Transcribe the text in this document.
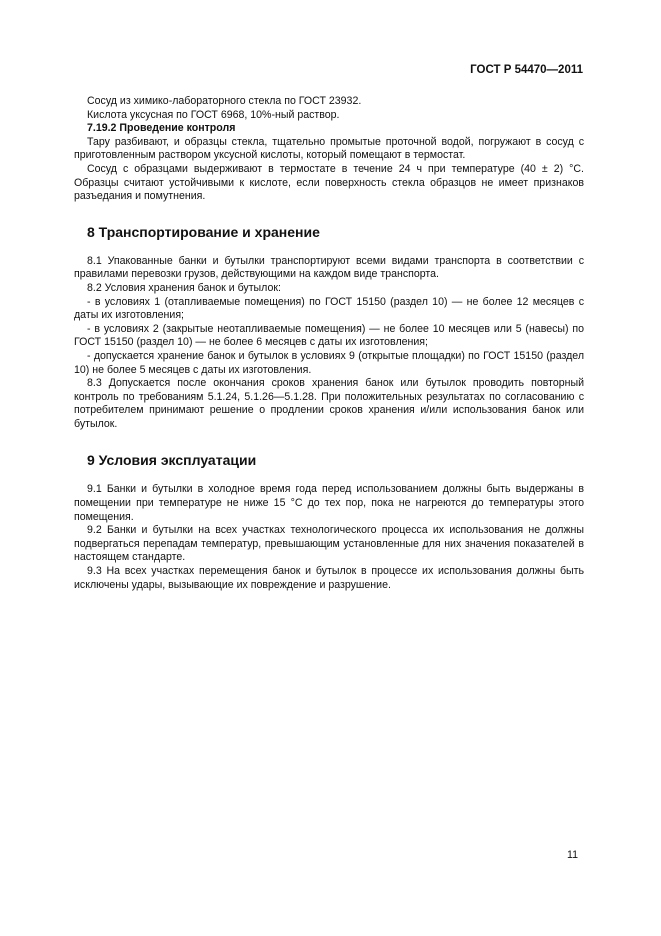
ГОСТ Р 54470—2011

Сосуд из химико-лабораторного стекла по ГОСТ 23932.

Кислота уксусная по ГОСТ 6968, 10%-ный раствор.

7.19.2 Проведение контроля

Тару разбивают, и образцы стекла, тщательно промытые проточной водой, погружают в сосуд с приготовленным раствором уксусной кислоты, который помещают в термостат.

Сосуд с образцами выдерживают в термостате в течение 24 ч при температуре (40 ± 2) °С. Образцы считают устойчивыми к кислоте, если поверхность стекла образцов не имеет признаков разъедания и помутнения.

8 Транспортирование и хранение

8.1 Упакованные банки и бутылки транспортируют всеми видами транспорта в соответствии с правилами перевозки грузов, действующими на каждом виде транспорта.

8.2 Условия хранения банок и бутылок:

- в условиях 1 (отапливаемые помещения) по ГОСТ 15150 (раздел 10) — не более 12 месяцев с даты их изготовления;

- в условиях 2 (закрытые неотапливаемые помещения) — не более 10 месяцев или 5 (навесы) по ГОСТ 15150 (раздел 10) — не более 6 месяцев с даты их изготовления;

- допускается хранение банок и бутылок в условиях 9 (открытые площадки) по ГОСТ 15150 (раздел 10) не более 5 месяцев с даты их изготовления.

8.3 Допускается после окончания сроков хранения банок или бутылок проводить повторный контроль по требованиям 5.1.24, 5.1.26—5.1.28. При положительных результатах по согласованию с потребителем принимают решение о продлении сроков хранения и/или использования банок или бутылок.

9 Условия эксплуатации

9.1 Банки и бутылки в холодное время года перед использованием должны быть выдержаны в помещении при температуре не ниже 15 °С до тех пор, пока не нагреются до температуры этого помещения.

9.2 Банки и бутылки на всех участках технологического процесса их использования не должны подвергаться перепадам температур, превышающим установленные для них значения показателей в настоящем стандарте.

9.3 На всех участках перемещения банок и бутылок в процессе их использования должны быть исключены удары, вызывающие их повреждение и разрушение.

11
